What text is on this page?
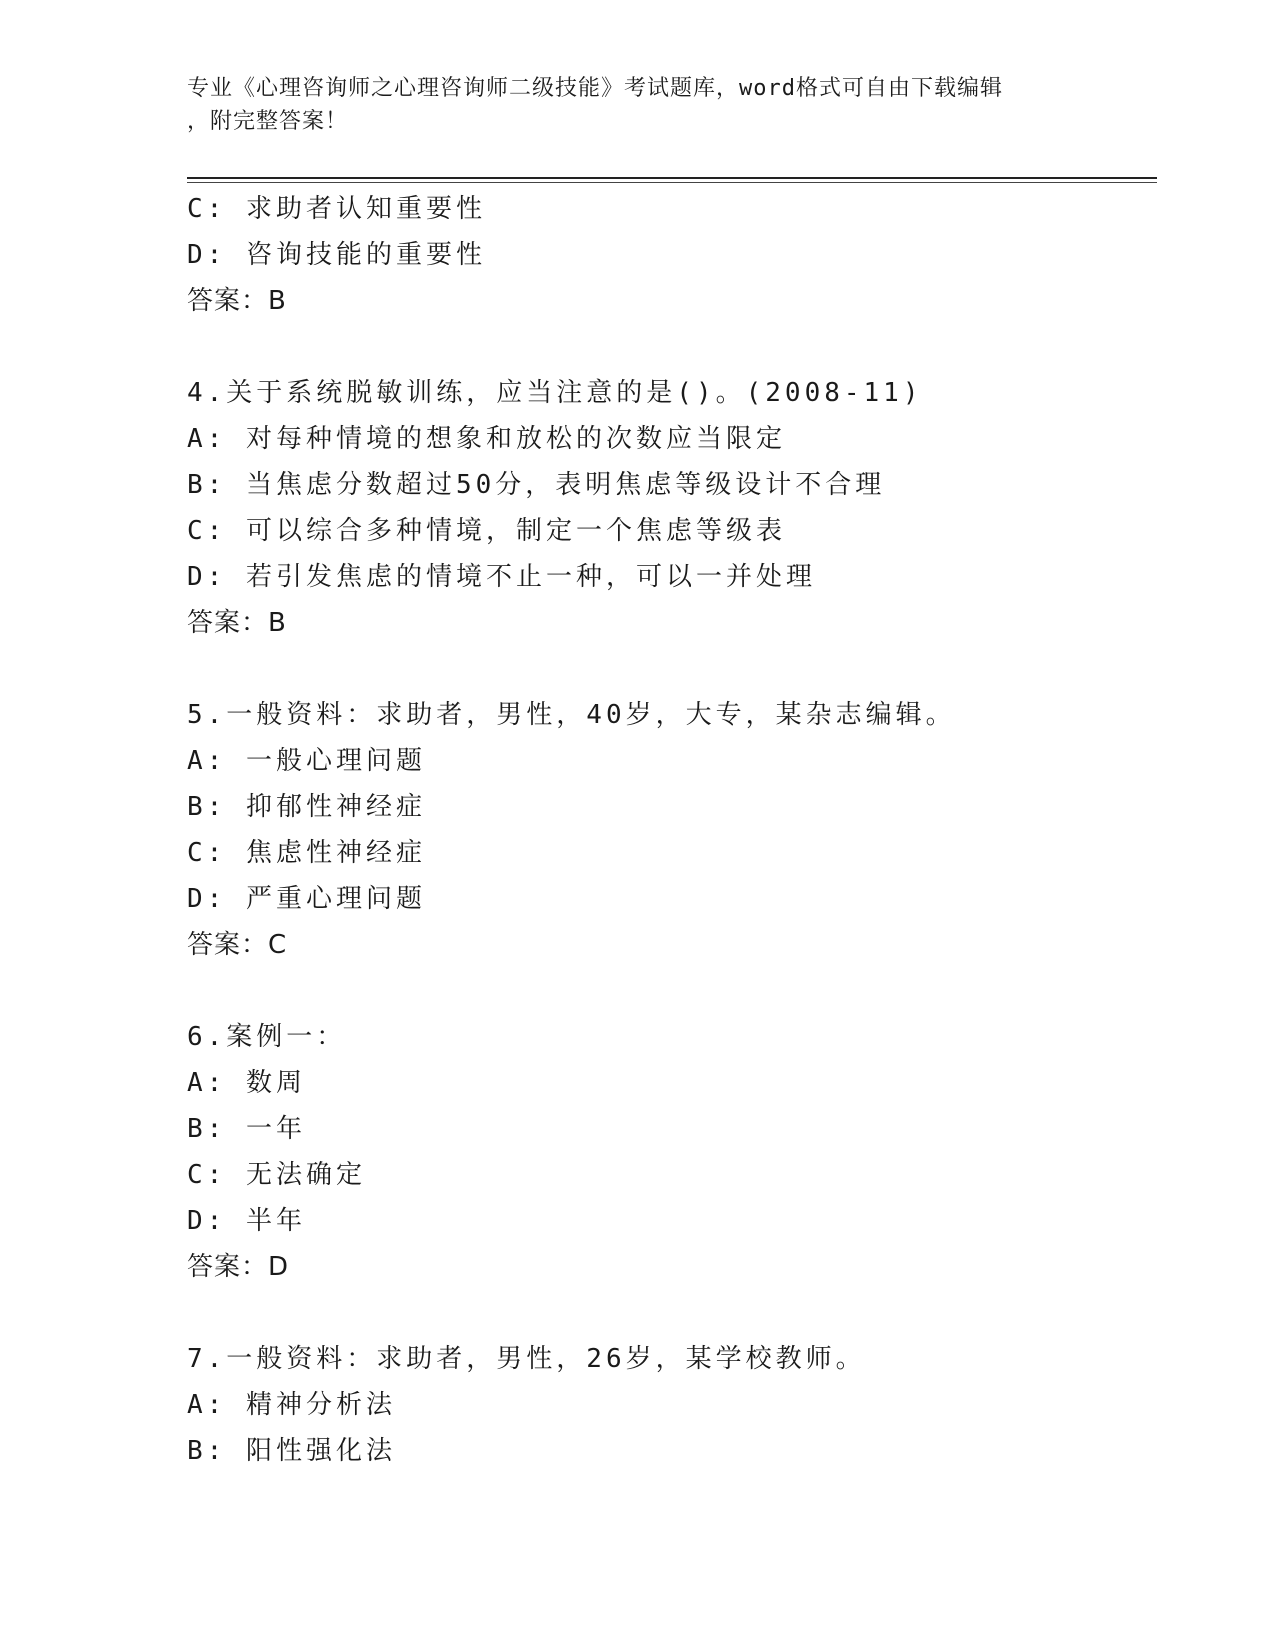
专业《心理咨询师之心理咨询师二级技能》考试题库，word格式可自由下载编辑
，附完整答案！
C: 求助者认知重要性
D: 咨询技能的重要性
答案：B
4.关于系统脱敏训练，应当注意的是()。(2008-11)
A: 对每种情境的想象和放松的次数应当限定
B: 当焦虑分数超过50分，表明焦虑等级设计不合理
C: 可以综合多种情境，制定一个焦虑等级表
D: 若引发焦虑的情境不止一种，可以一并处理
答案：B
5.一般资料：求助者，男性，40岁，大专，某杂志编辑。
A: 一般心理问题
B: 抑郁性神经症
C: 焦虑性神经症
D: 严重心理问题
答案：C
6.案例一：
A: 数周
B: 一年
C: 无法确定
D: 半年
答案：D
7.一般资料：求助者，男性，26岁，某学校教师。
A: 精神分析法
B: 阳性强化法
